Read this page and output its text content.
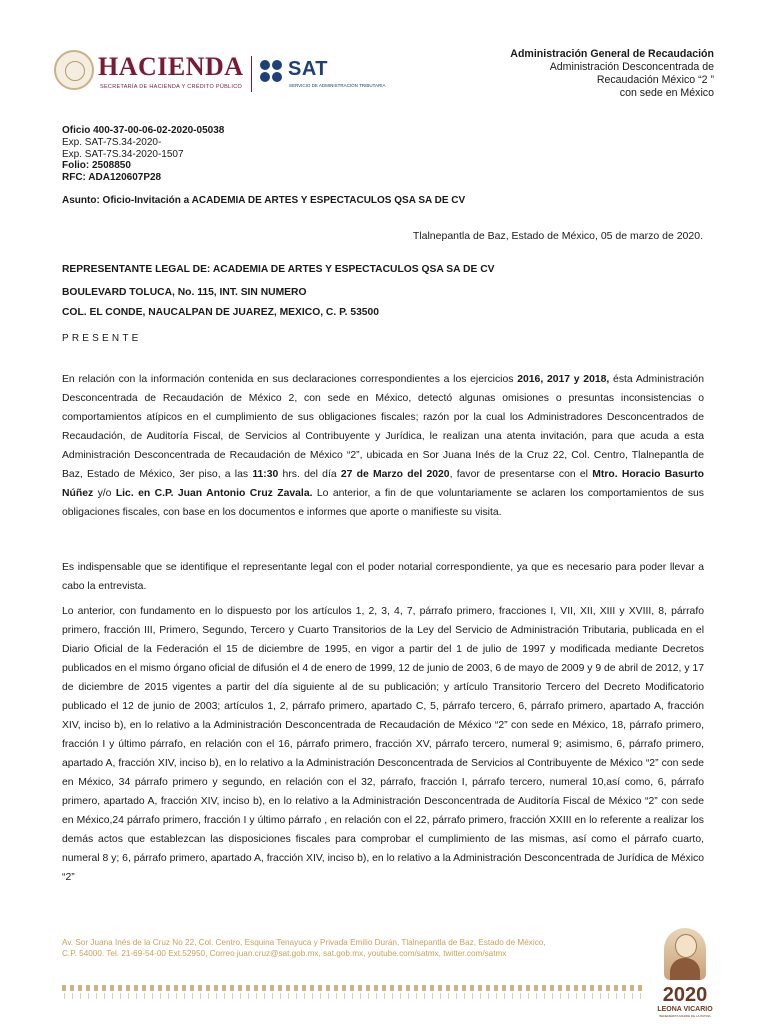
HACIENDA
SECRETARÍA DE HACIENDA Y CRÉDITO PÚBLICO
SAT
SERVICIO DE ADMINISTRACIÓN TRIBUTARIA
Administración General de Recaudación
Administración Desconcentrada de
Recaudación México “2 ”
con sede en México
Oficio 400-37-00-06-02-2020-05038
Exp. SAT-7S.34-2020-
Exp. SAT-7S.34-2020-1507
Folio: 2508850
RFC: ADA120607P28
Asunto: Oficio-Invitación a ACADEMIA DE ARTES Y ESPECTACULOS QSA SA DE CV
Tlalnepantla de Baz, Estado de México, 05 de marzo de 2020.
REPRESENTANTE LEGAL DE: ACADEMIA DE ARTES Y ESPECTACULOS QSA SA DE CV
BOULEVARD TOLUCA, No. 115, INT. SIN NUMERO
COL. EL CONDE, NAUCALPAN DE JUAREZ, MEXICO, C. P. 53500
PRESENTE
En relación con la información contenida en sus declaraciones correspondientes a los ejercicios 2016, 2017 y 2018, ésta Administración Desconcentrada de Recaudación de México 2, con sede en México, detectó algunas omisiones o presuntas inconsistencias o comportamientos atípicos en el cumplimiento de sus obligaciones fiscales; razón por la cual los Administradores Desconcentrados de Recaudación, de Auditoría Fiscal, de Servicios al Contribuyente y Jurídica, le realizan una atenta invitación, para que acuda a esta Administración Desconcentrada de Recaudación de México “2”, ubicada en Sor Juana Inés de la Cruz 22, Col. Centro, Tlalnepantla de Baz, Estado de México, 3er piso, a las 11:30 hrs. del día 27 de Marzo del 2020, favor de presentarse con el Mtro. Horacio Basurto Núñez y/o Lic. en C.P. Juan Antonio Cruz Zavala. Lo anterior, a fin de que voluntariamente se aclaren los comportamientos de sus obligaciones fiscales, con base en los documentos e informes que aporte o manifieste su visita.
Es indispensable que se identifique el representante legal con el poder notarial correspondiente, ya que es necesario para poder llevar a cabo la entrevista.
Lo anterior, con fundamento en lo dispuesto por los artículos 1, 2, 3, 4, 7, párrafo primero, fracciones I, VII, XII, XIII y XVIII, 8, párrafo primero, fracción III, Primero, Segundo, Tercero y Cuarto Transitorios de la Ley del Servicio de Administración Tributaria, publicada en el Diario Oficial de la Federación el 15 de diciembre de 1995, en vigor a partir del 1 de julio de 1997 y modificada mediante Decretos publicados en el mismo órgano oficial de difusión el 4 de enero de 1999, 12 de junio de 2003, 6 de mayo de 2009 y 9 de abril de 2012, y 17 de diciembre de 2015 vigentes a partir del día siguiente al de su publicación; y artículo Transitorio Tercero del Decreto Modificatorio publicado el 12 de junio de 2003; artículos 1, 2, párrafo primero, apartado C, 5, párrafo tercero, 6, párrafo primero, apartado A, fracción XIV, inciso b), en lo relativo a la Administración Desconcentrada de Recaudación de México “2” con sede en México, 18, párrafo primero, fracción I y último párrafo, en relación con el 16, párrafo primero, fracción XV, párrafo tercero, numeral 9; asimismo, 6, párrafo primero, apartado A, fracción XIV, inciso b), en lo relativo a la Administración Desconcentrada de Servicios al Contribuyente de México “2” con sede en México, 34 párrafo primero y segundo, en relación con el 32, párrafo, fracción I, párrafo tercero, numeral 10,así como, 6, párrafo primero, apartado A, fracción XIV, inciso b), en lo relativo a la Administración Desconcentrada de Auditoría Fiscal de México “2” con sede en México,24 párrafo primero, fracción I y último párrafo , en relación con el 22, párrafo primero, fracción XXIII en lo referente a realizar los demás actos que establezcan las disposiciones fiscales para comprobar el cumplimiento de las mismas, así como el párrafo cuarto, numeral 8 y; 6, párrafo primero, apartado A, fracción XIV, inciso b), en lo relativo a la Administración Desconcentrada de Jurídica de México “2”
Av. Sor Juana Inés de la Cruz No 22, Col. Centro, Esquina Tenayuca y Privada Emilio Durán, Tlalnepantla de Baz, Estado de México,
C.P. 54000. Tel. 21-69-54-00 Ext.52950, Correo juan.cruz@sat.gob.mx, sat.gob.mx, youtube.com/satmx, twitter.com/satmx
2020
LEONA VICARIO
BENEMÉRITA MADRE DE LA PATRIA
